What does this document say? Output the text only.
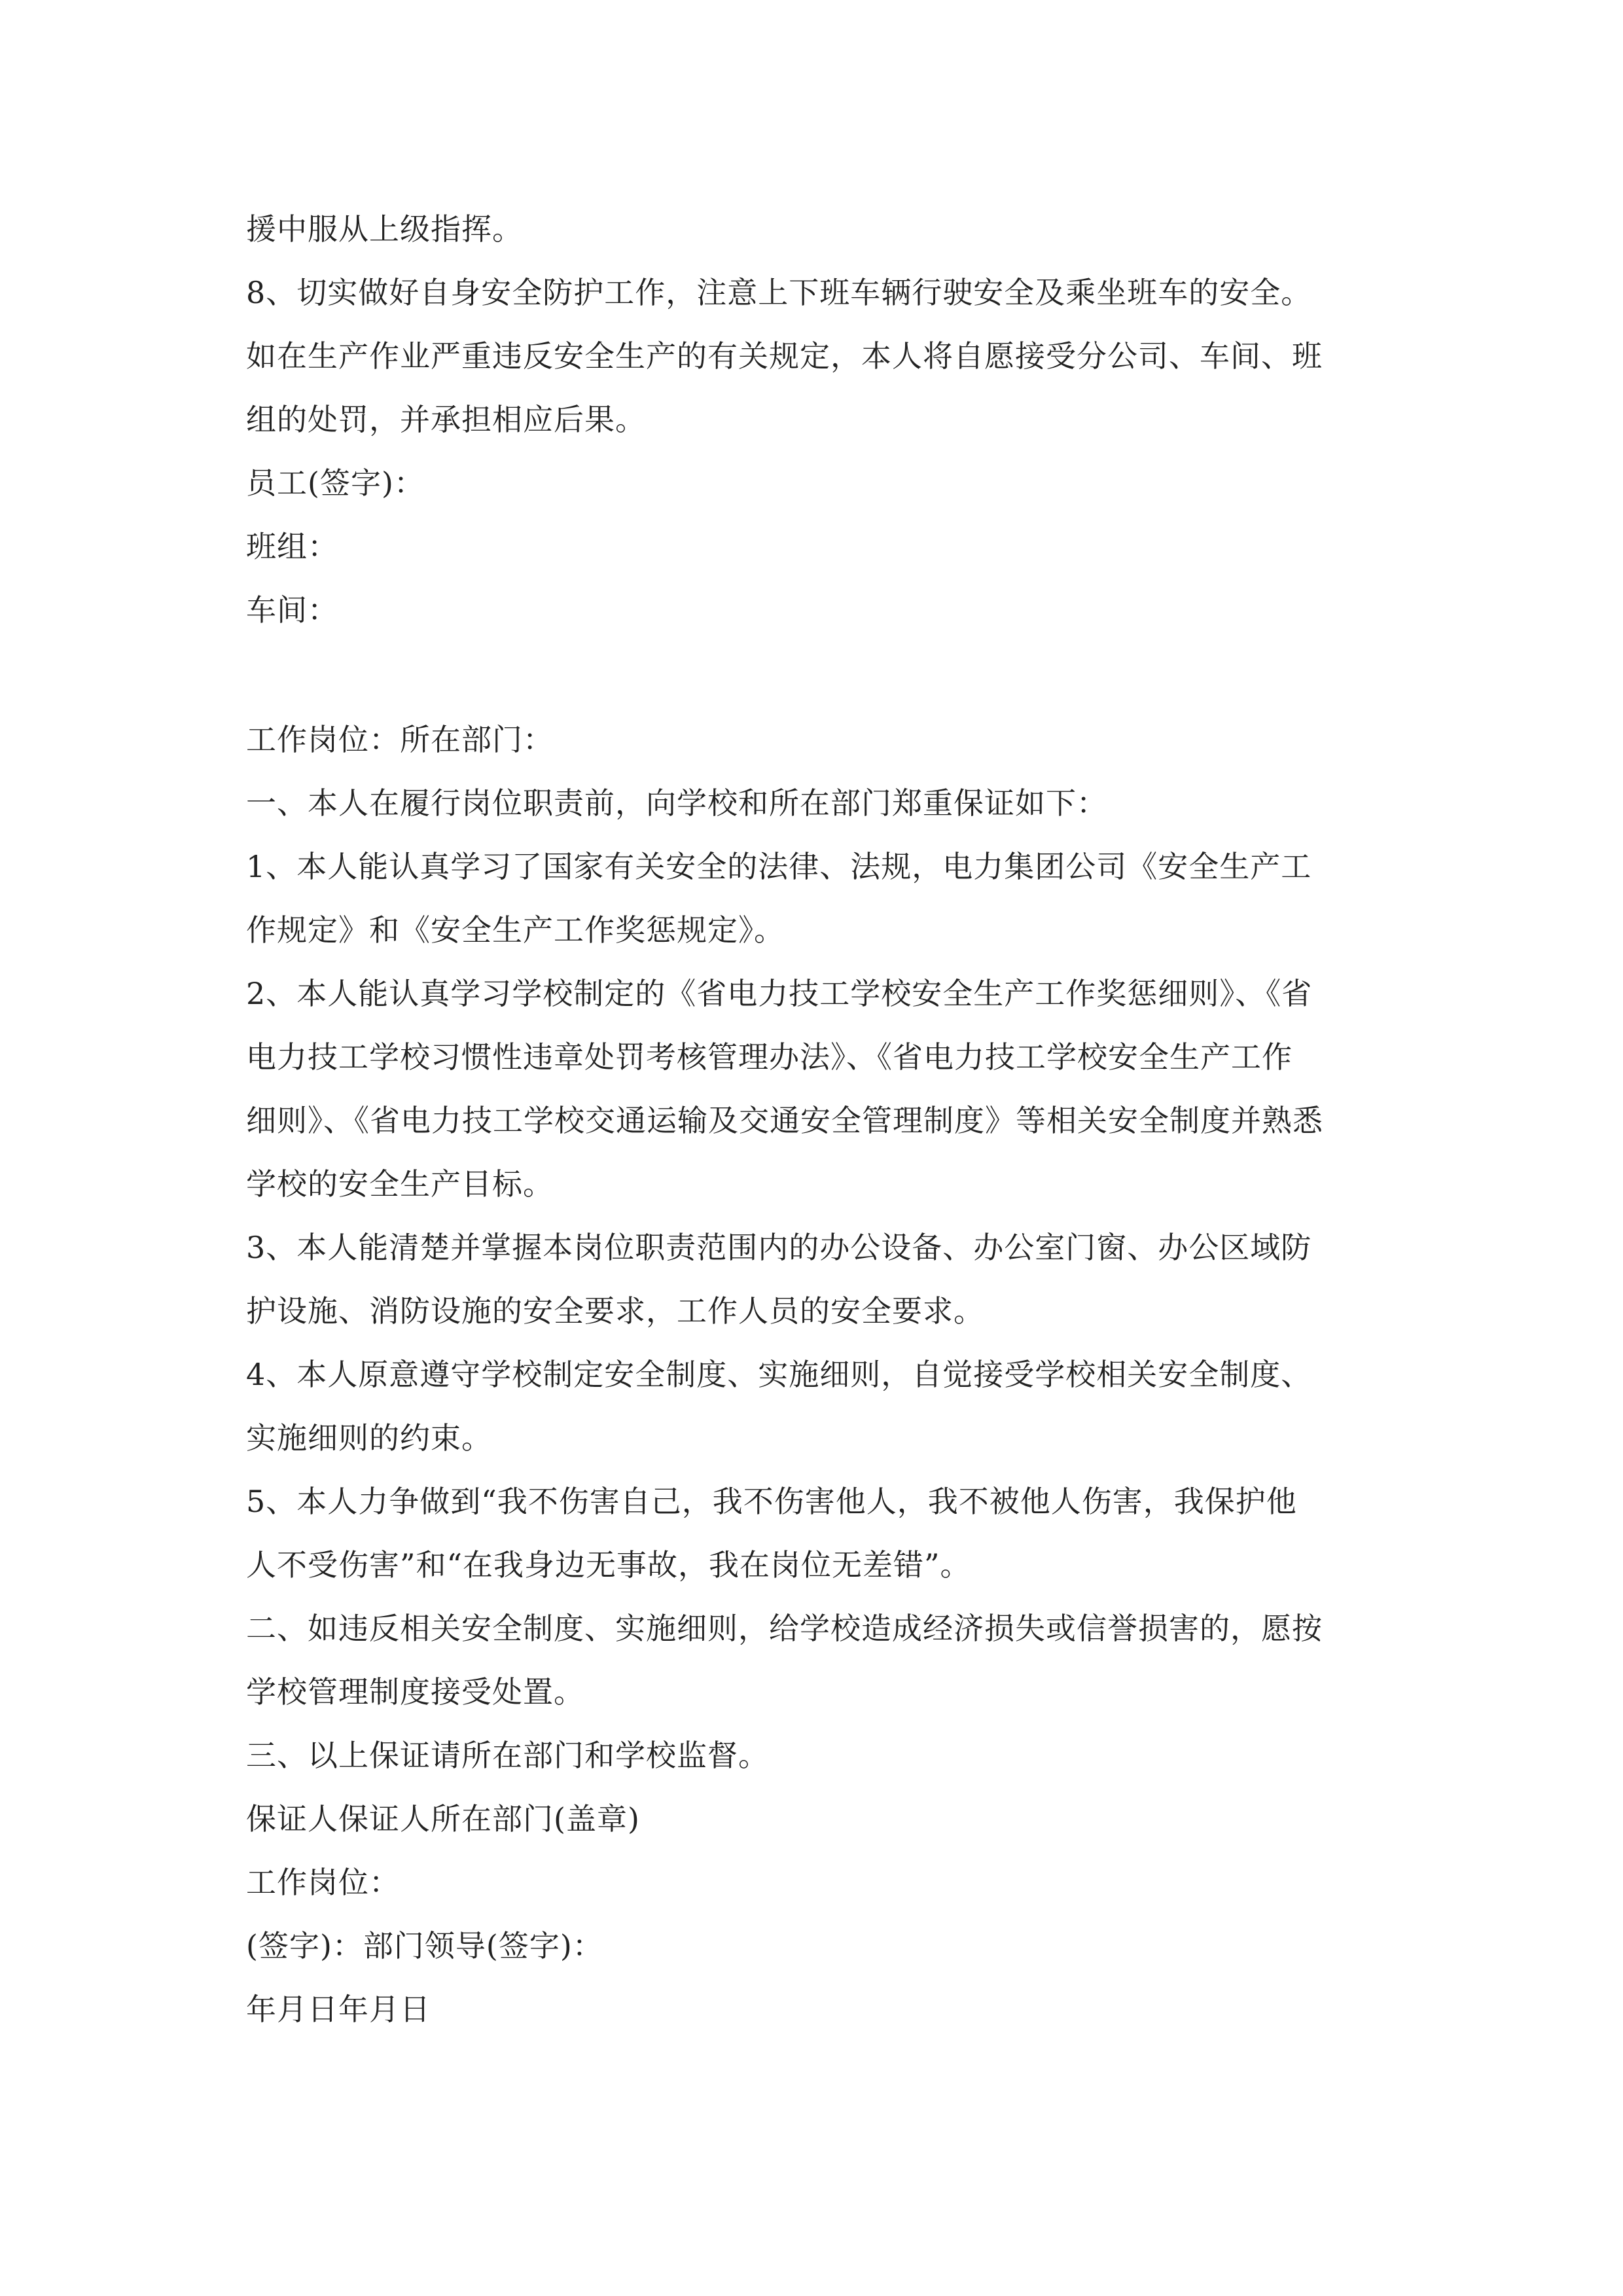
援中服从上级指挥。
8、切实做好自身安全防护工作，注意上下班车辆行驶安全及乘坐班车的安全。
如在生产作业严重违反安全生产的有关规定，本人将自愿接受分公司、车间、班
组的处罚，并承担相应后果。
员工(签字)：
班组：
车间：
工作岗位：所在部门：
一、本人在履行岗位职责前，向学校和所在部门郑重保证如下：
1、本人能认真学习了国家有关安全的法律、法规，电力集团公司《安全生产工
作规定》和《安全生产工作奖惩规定》。
2、本人能认真学习学校制定的《省电力技工学校安全生产工作奖惩细则》、《省
电力技工学校习惯性违章处罚考核管理办法》、《省电力技工学校安全生产工作
细则》、《省电力技工学校交通运输及交通安全管理制度》等相关安全制度并熟悉
学校的安全生产目标。
3、本人能清楚并掌握本岗位职责范围内的办公设备、办公室门窗、办公区域防
护设施、消防设施的安全要求，工作人员的安全要求。
4、本人原意遵守学校制定安全制度、实施细则，自觉接受学校相关安全制度、
实施细则的约束。
5、本人力争做到“我不伤害自己，我不伤害他人，我不被他人伤害，我保护他
人不受伤害”和“在我身边无事故，我在岗位无差错”。
二、如违反相关安全制度、实施细则，给学校造成经济损失或信誉损害的，愿按
学校管理制度接受处置。
三、以上保证请所在部门和学校监督。
保证人保证人所在部门(盖章)
工作岗位：
(签字)：部门领导(签字)：
年月日年月日
